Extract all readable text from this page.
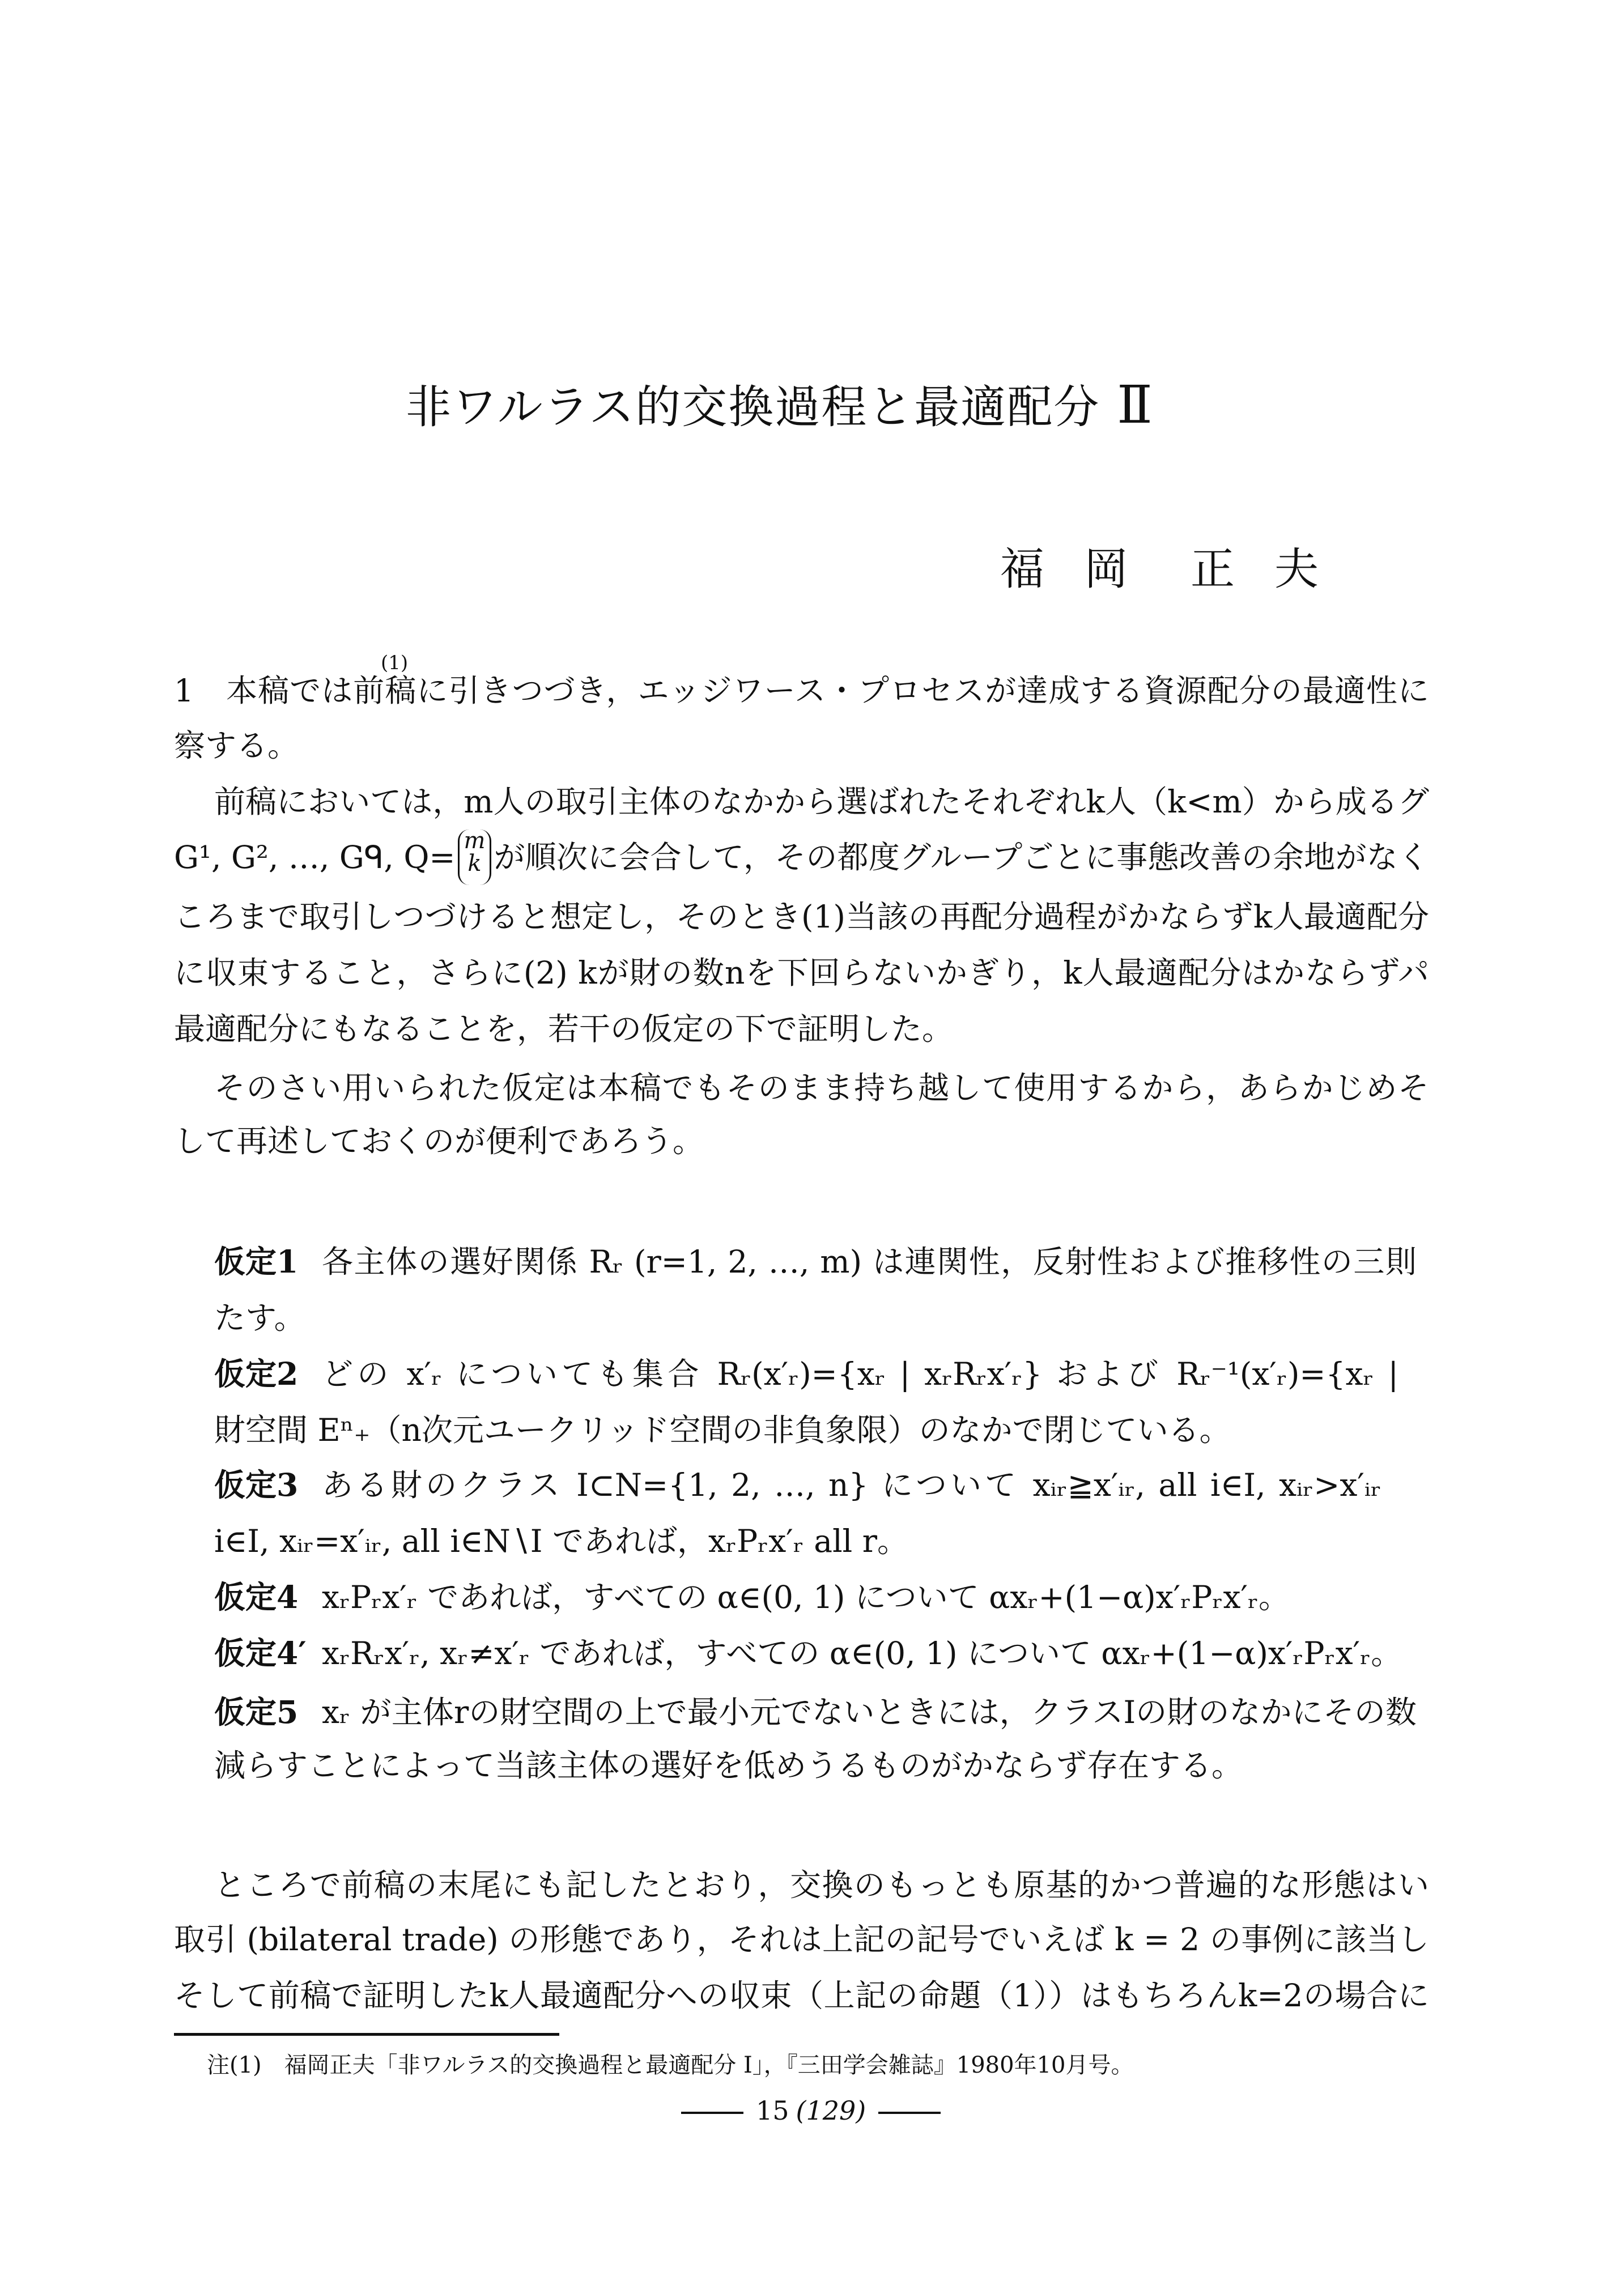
非ワルラス的交換過程と最適配分 Ⅱ
福岡 正夫
(1)
1　本稿では前稿に引きつづき，エッジワース・プロセスが達成する資源配分の最適性に
察する。
前稿においては，m人の取引主体のなかから選ばれたそれぞれk人（k<m）から成るグ
G¹, G², …, Gᑫ, Q= m
k が順次に会合して，その都度グループごとに事態改善の余地がなく
ころまで取引しつづけると想定し，そのとき(1)当該の再配分過程がかならずk人最適配分
に収束すること，さらに(2) kが財の数nを下回らないかぎり，k人最適配分はかならずパ
最適配分にもなることを，若干の仮定の下で証明した。
そのさい用いられた仮定は本稿でもそのまま持ち越して使用するから，あらかじめそ
して再述しておくのが便利であろう。
仮定1 各主体の選好関係 Rᵣ (r=1, 2, …, m) は連関性，反射性および推移性の三則
たす。
仮定2 どの x′ᵣ についても集合 Rᵣ(x′ᵣ)={xᵣ | xᵣRᵣx′ᵣ} および Rᵣ⁻¹(x′ᵣ)={xᵣ |
財空間 Eⁿ₊（n次元ユークリッド空間の非負象限）のなかで閉じている。
仮定3 ある財のクラス I⊂N={1, 2, …, n} について xᵢᵣ≧x′ᵢᵣ, all i∈I, xᵢᵣ>x′ᵢᵣ
i∈I, xᵢᵣ=x′ᵢᵣ, all i∈N∖I であれば，xᵣPᵣx′ᵣ all r。
仮定4 xᵣPᵣx′ᵣ であれば，すべての α∈(0, 1) について αxᵣ+(1−α)x′ᵣPᵣx′ᵣ。
仮定4′ xᵣRᵣx′ᵣ, xᵣ≠x′ᵣ であれば，すべての α∈(0, 1) について αxᵣ+(1−α)x′ᵣPᵣx′ᵣ。
仮定5 xᵣ が主体rの財空間の上で最小元でないときには，クラスIの財のなかにその数
減らすことによって当該主体の選好を低めうるものがかならず存在する。
ところで前稿の末尾にも記したとおり，交換のもっとも原基的かつ普遍的な形態はい
取引 (bilateral trade) の形態であり，それは上記の記号でいえば k = 2 の事例に該当し
そして前稿で証明したk人最適配分への収束（上記の命題（1））はもちろんk=2の場合に
注(1)　福岡正夫「非ワルラス的交換過程と最適配分 I」，『三田学会雑誌』1980年10月号。
15 (129)
